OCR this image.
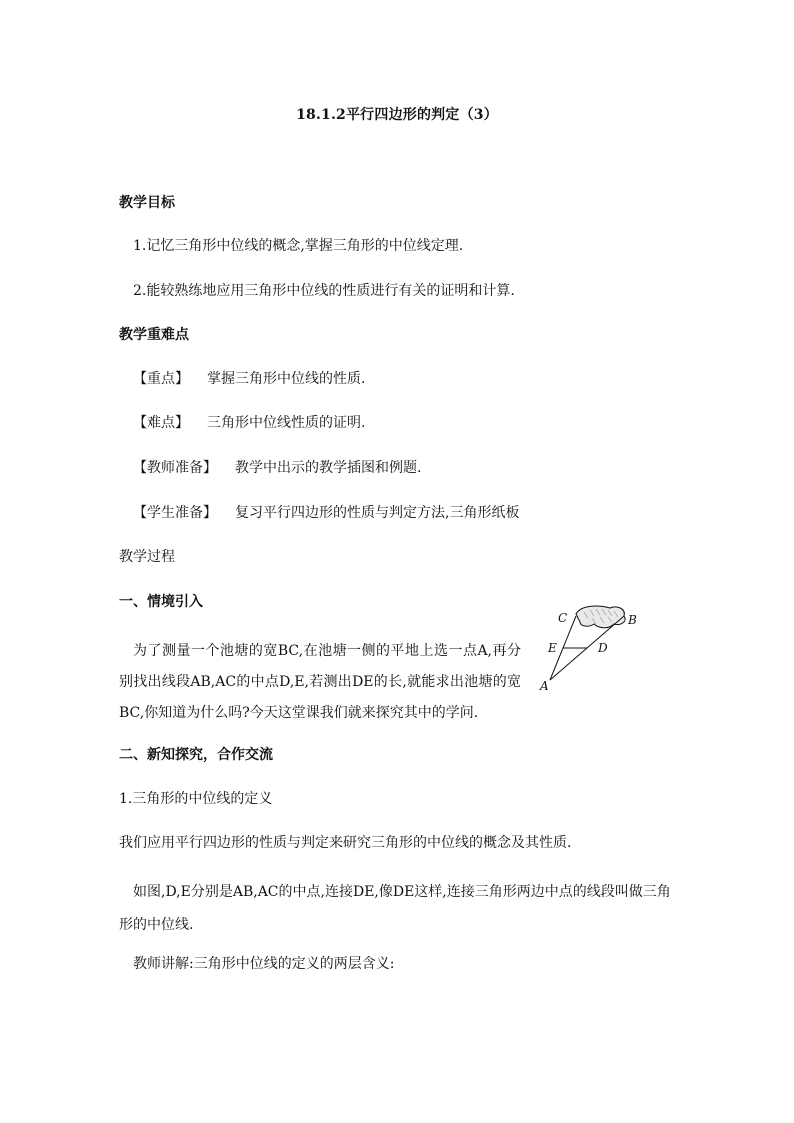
18.1.2平行四边形的判定（3）
教学目标
1.记忆三角形中位线的概念,掌握三角形的中位线定理.
2.能较熟练地应用三角形中位线的性质进行有关的证明和计算.
教学重难点
【重点】 掌握三角形中位线的性质.
【难点】 三角形中位线性质的证明.
【教师准备】 教学中出示的教学插图和例题.
【学生准备】 复习平行四边形的性质与判定方法,三角形纸板
教学过程
一、情境引入
为了测量一个池塘的宽BC,在池塘一侧的平地上选一点A,再分别找出线段AB,AC的中点D,E,若测出DE的长,就能求出池塘的宽BC,你知道为什么吗?今天这堂课我们就来探究其中的学问.
C	B
E	D
A
二、新知探究，合作交流
1.三角形的中位线的定义
我们应用平行四边形的性质与判定来研究三角形的中位线的概念及其性质.
如图,D,E分别是AB,AC的中点,连接DE,像DE这样,连接三角形两边中点的线段叫做三角形的中位线.
教师讲解:三角形中位线的定义的两层含义:
